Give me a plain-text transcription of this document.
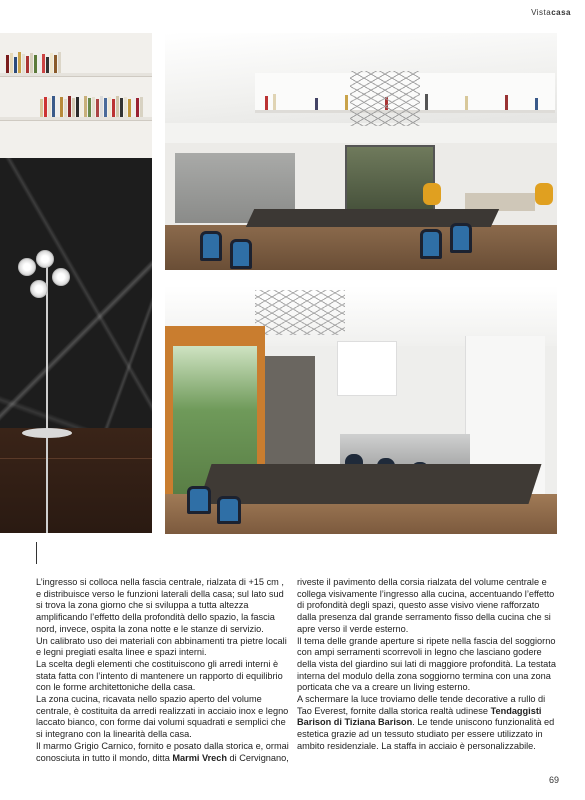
Vistacasa

L’ingresso si colloca nella fascia centrale, rialzata di +15 cm , e distribuisce verso le funzioni laterali della casa; sul lato sud si trova la zona giorno che si sviluppa a tutta altezza amplificando l’effetto della profondità dello spazio, la fascia nord, invece, ospita la zona notte e le stanze di servizio.

Un calibrato uso dei materiali con abbinamenti tra pietre locali e legni pregiati esalta linee e spazi interni.

La scelta degli elementi che costituiscono gli arredi interni è stata fatta con l’intento di mantenere un rapporto di equilibrio con le forme architettoniche della casa.

La zona cucina, ricavata nello spazio aperto del volume centrale, è costituita da arredi realizzati in acciaio inox e legno laccato bianco, con forme dai volumi squadrati e semplici che si integrano con la linearità della casa.

Il marmo Grigio Carnico, fornito e posato dalla storica e, ormai conosciuta in tutto il mondo, ditta Marmi Vrech di Cervignano,

riveste il pavimento della corsia rialzata del volume centrale e collega visivamente l’ingresso alla cucina, accentuando l’effetto di profondità degli spazi, questo asse visivo viene rafforzato dalla presenza dal grande serramento fisso della cucina che si apre verso il verde esterno.

Il tema delle grande aperture si ripete nella fascia del soggiorno con ampi serramenti scorrevoli in legno che lasciano godere della vista del giardino sui lati di maggiore profondità. La testata interna del modulo della zona soggiorno termina con una zona porticata che va a creare un living esterno.

A schermare la luce troviamo delle tende decorative a rullo di Tao Everest, fornite dalla storica realtà udinese Tendaggisti Barison di Tiziana Barison. Le tende uniscono funzionalità ed estetica grazie ad un tessuto studiato per essere utilizzato in ambito residenziale. La staffa in acciaio è personalizzabile.

69
